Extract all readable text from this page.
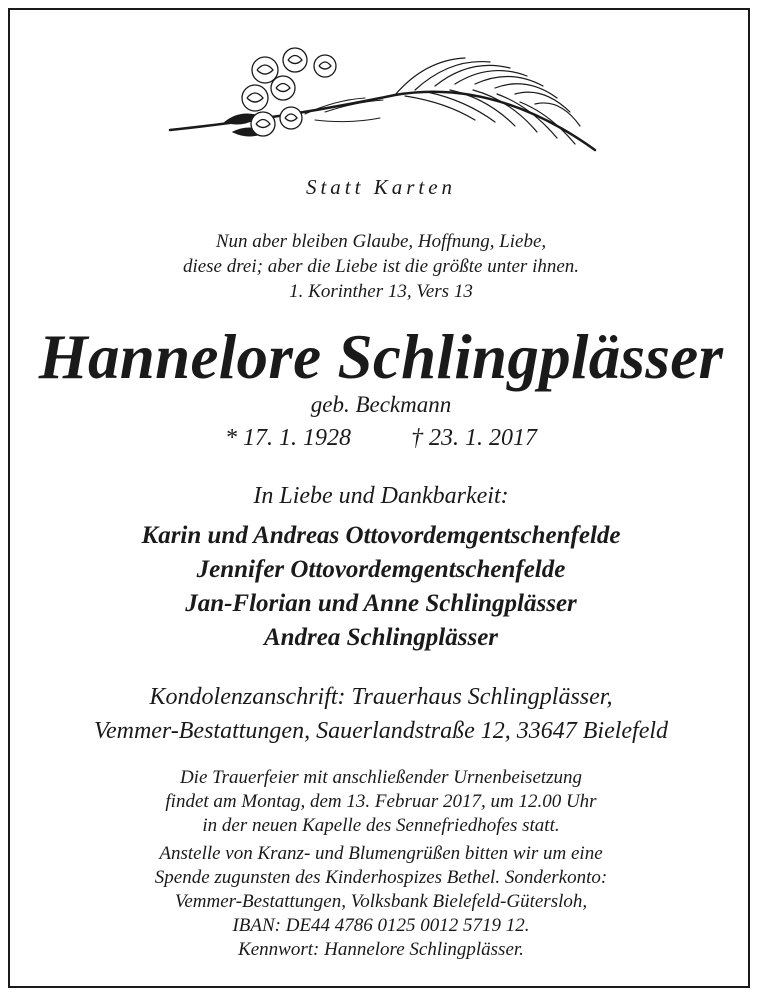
Statt Karten
Nun aber bleiben Glaube, Hoffnung, Liebe,
diese drei; aber die Liebe ist die größte unter ihnen.
1. Korinther 13, Vers 13
Hannelore Schlingplässer
geb. Beckmann
* 17. 1. 1928	† 23. 1. 2017
In Liebe und Dankbarkeit:
Karin und Andreas Ottovordemgentschenfelde
Jennifer Ottovordemgentschenfelde
Jan-Florian und Anne Schlingplässer
Andrea Schlingplässer
Kondolenzanschrift: Trauerhaus Schlingplässer,
Vemmer-Bestattungen, Sauerlandstraße 12, 33647 Bielefeld
Die Trauerfeier mit anschließender Urnenbeisetzung
findet am Montag, dem 13. Februar 2017, um 12.00 Uhr
in der neuen Kapelle des Sennefriedhofes statt.
Anstelle von Kranz- und Blumengrüßen bitten wir um eine
Spende zugunsten des Kinderhospizes Bethel. Sonderkonto:
Vemmer-Bestattungen, Volksbank Bielefeld-Gütersloh,
IBAN: DE44 4786 0125 0012 5719 12.
Kennwort: Hannelore Schlingplässer.
